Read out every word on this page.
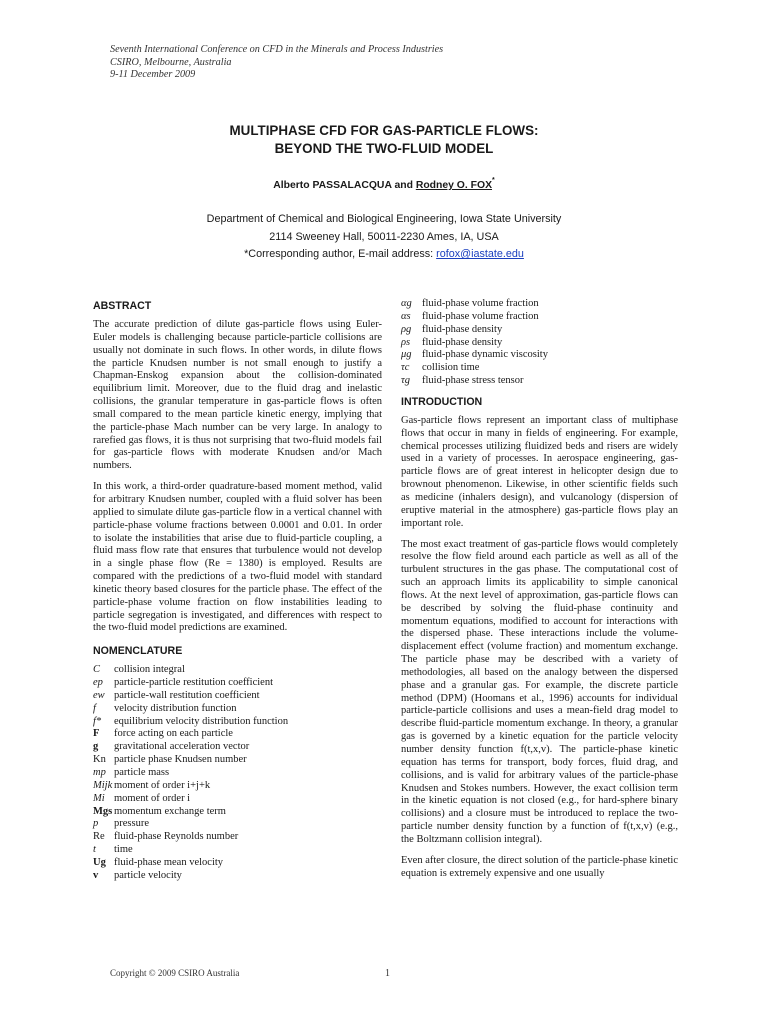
Seventh International Conference on CFD in the Minerals and Process Industries
CSIRO, Melbourne, Australia
9-11 December 2009
MULTIPHASE CFD FOR GAS-PARTICLE FLOWS:
BEYOND THE TWO-FLUID MODEL
Alberto PASSALACQUA and Rodney O. FOX*
Department of Chemical and Biological Engineering, Iowa State University
2114 Sweeney Hall, 50011-2230 Ames, IA, USA
*Corresponding author, E-mail address: rofox@iastate.edu
ABSTRACT

The accurate prediction of dilute gas-particle flows using Euler-Euler models is challenging because particle-particle collisions are usually not dominate in such flows. In other words, in dilute flows the particle Knudsen number is not small enough to justify a Chapman-Enskog expansion about the collision-dominated equilibrium limit. Moreover, due to the fluid drag and inelastic collisions, the granular temperature in gas-particle flows is often small compared to the mean particle kinetic energy, implying that the particle-phase Mach number can be very large. In analogy to rarefied gas flows, it is thus not surprising that two-fluid models fail for gas-particle flows with moderate Knudsen and/or Mach numbers.

In this work, a third-order quadrature-based moment method, valid for arbitrary Knudsen number, coupled with a fluid solver has been applied to simulate dilute gas-particle flow in a vertical channel with particle-phase volume fractions between 0.0001 and 0.01. In order to isolate the instabilities that arise due to fluid-particle coupling, a fluid mass flow rate that ensures that turbulence would not develop in a single phase flow (Re = 1380) is employed. Results are compared with the predictions of a two-fluid model with standard kinetic theory based closures for the particle phase. The effect of the particle-phase volume fraction on flow instabilities leading to particle segregation is investigated, and differences with respect to the two-fluid model predictions are examined.

NOMENCLATURE
C	collision integral
ep	particle-particle restitution coefficient
ew particle-wall restitution coefficient
f	velocity distribution function
f*	equilibrium velocity distribution function
F	force acting on each particle
g	gravitational acceleration vector
Kn particle phase Knudsen number
mp particle mass
Mijk moment of order i+j+k
Mi moment of order i
Mgs momentum exchange term
p	pressure
Re fluid-phase Reynolds number
t	time
Ug fluid-phase mean velocity
v	particle velocity
αg fluid-phase volume fraction
αs	fluid-phase volume fraction
ρg	fluid-phase density
ρs	fluid-phase density
μg fluid-phase dynamic viscosity
τc	collision time
τg	fluid-phase stress tensor
INTRODUCTION

Gas-particle flows represent an important class of multiphase flows that occur in many in fields of engineering. For example, chemical processes utilizing fluidized beds and risers are widely used in a variety of processes. In aerospace engineering, gas-particle flows are of great interest in helicopter design due to brownout phenomenon. Likewise, in other scientific fields such as medicine (inhalers design), and vulcanology (dispersion of eruptive material in the atmosphere) gas-particle flows play an important role.

The most exact treatment of gas-particle flows would completely resolve the flow field around each particle as well as all of the turbulent structures in the gas phase. The computational cost of such an approach limits its applicability to simple canonical flows. At the next level of approximation, gas-particle flows can be described by solving the fluid-phase continuity and momentum equations, modified to account for interactions with the dispersed phase. These interactions include the volume-displacement effect (volume fraction) and momentum exchange. The particle phase may be described with a variety of methodologies, all based on the analogy between the dispersed phase and a granular gas. For example, the discrete particle method (DPM) (Hoomans et al., 1996) accounts for individual particle-particle collisions and uses a mean-field drag model to describe fluid-particle momentum exchange. In theory, a granular gas is governed by a kinetic equation for the particle velocity number density function f(t,x,v). The particle-phase kinetic equation has terms for transport, body forces, fluid drag, and collisions, and is valid for arbitrary values of the particle-phase Knudsen and Stokes numbers. However, the exact collision term in the kinetic equation is not closed (e.g., for hard-sphere binary collisions) and a closure must be introduced to replace the two-particle number density function by a function of f(t,x,v) (e.g., the Boltzmann collision integral).

Even after closure, the direct solution of the particle-phase kinetic equation is extremely expensive and one usually

Copyright © 2009 CSIRO Australia	1
